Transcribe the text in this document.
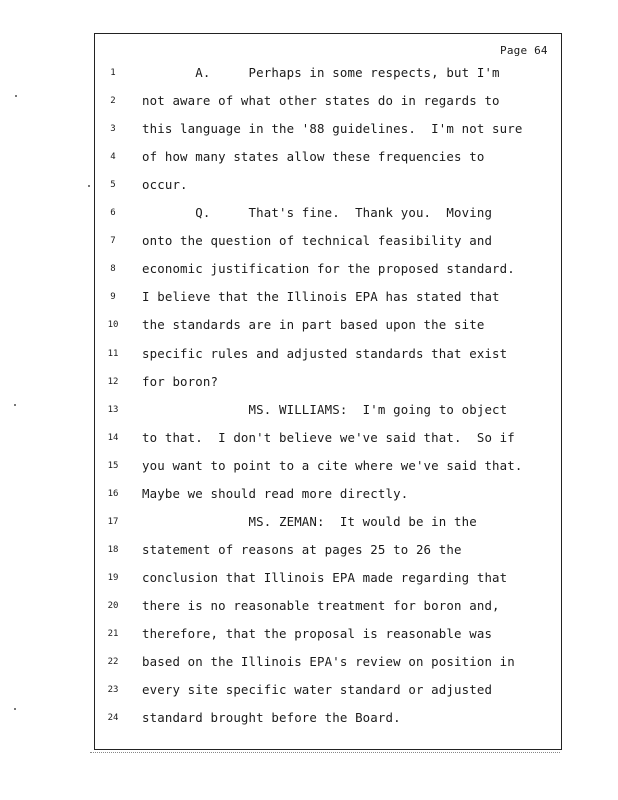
Page 64
1	A.     Perhaps in some respects, but I'm
2	not aware of what other states do in regards to
3	this language in the '88 guidelines.  I'm not sure
4	of how many states allow these frequencies to
5	occur.
6	Q.     That's fine.  Thank you.  Moving
7	onto the question of technical feasibility and
8	economic justification for the proposed standard.
9	I believe that the Illinois EPA has stated that
10	the standards are in part based upon the site
11	specific rules and adjusted standards that exist
12	for boron?
13	MS. WILLIAMS:  I'm going to object
14	to that.  I don't believe we've said that.  So if
15	you want to point to a cite where we've said that.
16	Maybe we should read more directly.
17	MS. ZEMAN:  It would be in the
18	statement of reasons at pages 25 to 26 the
19	conclusion that Illinois EPA made regarding that
20	there is no reasonable treatment for boron and,
21	therefore, that the proposal is reasonable was
22	based on the Illinois EPA's review on position in
23	every site specific water standard or adjusted
24	standard brought before the Board.
